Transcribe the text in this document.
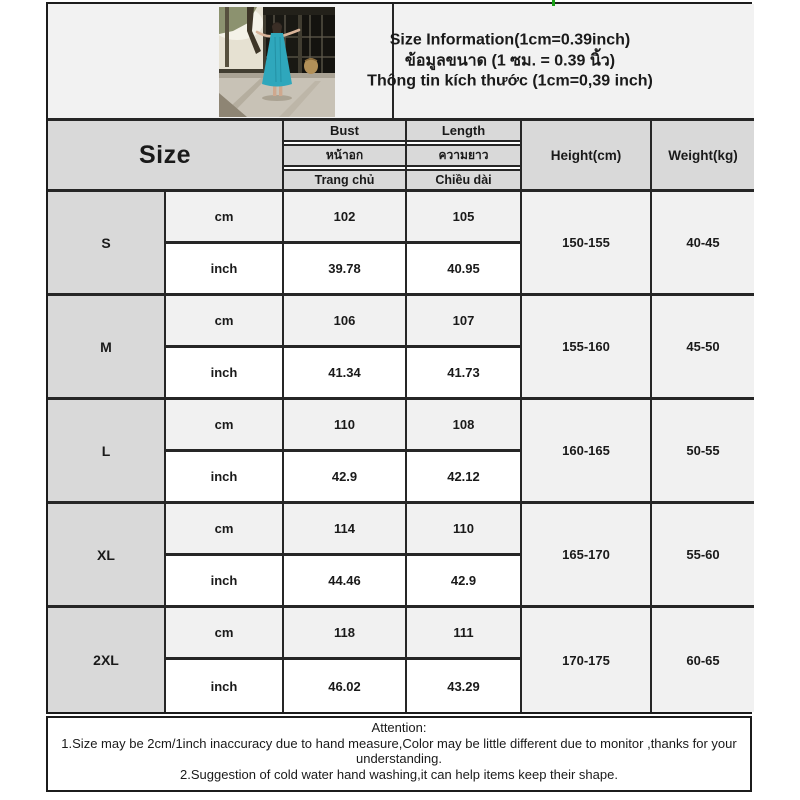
Size Information(1cm=0.39inch)
ข้อมูลขนาด (1 ซม. = 0.39 นิ้ว)
Thông tin kích thước (1cm=0,39 inch)
Size
Bust
หน้าอก
Trang chủ
Length
ความยาว
Chiều dài
Height(cm)	Weight(kg)
S
cm	102	105
inch	39.78	40.95
150-155	40-45
M
cm	106	107
inch	41.34	41.73
155-160	45-50
L
cm	110	108
inch	42.9	42.12
160-165	50-55
XL
cm	114	110
inch	44.46	42.9
165-170	55-60
2XL
cm	118	111
inch	46.02	43.29
170-175	60-65
Attention:
1.Size may be 2cm/1inch inaccuracy due to hand measure,Color may be little different due to monitor ,thanks for your understanding.
2.Suggestion of cold water hand washing,it can help items keep their shape.
